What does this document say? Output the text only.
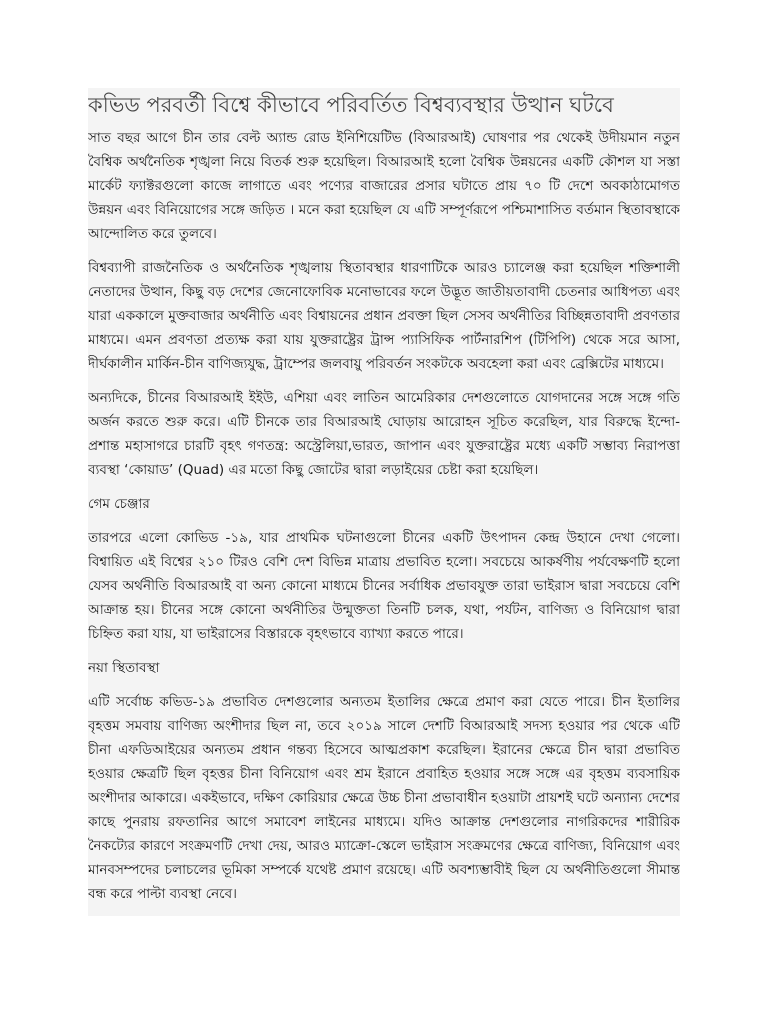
কভিড পরবর্তী বিশ্বে কীভাবে পরিবর্তিত বিশ্বব্যবস্থার উত্থান ঘটবে

সাত বছর আগে চীন তার বেল্ট অ্যান্ড রোড ইনিশিয়েটিভ (বিআরআই) ঘোষণার পর থেকেই উদীয়মান নতুন বৈশ্বিক অর্থনৈতিক শৃঙ্খলা নিয়ে বিতর্ক শুরু হয়েছিল। বিআরআই হলো বৈশ্বিক উন্নয়নের একটি কৌশল যা সস্তা মার্কেট ফ্যাক্টরগুলো কাজে লাগাতে এবং পণ্যের বাজারের প্রসার ঘটাতে প্রায় ৭০ টি দেশে অবকাঠামোগত উন্নয়ন এবং বিনিয়োগের সঙ্গে জড়িত । মনে করা হয়েছিল যে এটি সম্পূর্ণরূপে পশ্চিমাশাসিত বর্তমান স্থিতাবস্থাকে আন্দোলিত করে তুলবে।

বিশ্বব্যাপী রাজনৈতিক ও অর্থনৈতিক শৃঙ্খলায় স্থিতাবস্থার ধারণাটিকে আরও চ্যালেঞ্জ করা হয়েছিল শক্তিশালী নেতাদের উত্থান, কিছু বড় দেশের জেনোফোবিক মনোভাবের ফলে উদ্ভূত জাতীয়তাবাদী চেতনার আধিপত্য এবং যারা এককালে মুক্তবাজার অর্থনীতি এবং বিশ্বায়নের প্রধান প্রবক্তা ছিল সেসব অর্থনীতির বিচ্ছিন্নতাবাদী প্রবণতার মাধ্যমে। এমন প্রবণতা প্রত্যক্ষ করা যায় যুক্তরাষ্ট্রের ট্রান্স প্যাসিফিক পার্টনারশিপ (টিপিপি) থেকে সরে আসা, দীর্ঘকালীন মার্কিন-চীন বাণিজ্যযুদ্ধ, ট্রাম্পের জলবায়ু পরিবর্তন সংকটকে অবহেলা করা এবং ব্রেক্সিটের মাধ্যমে।

অন্যদিকে, চীনের বিআরআই ইইউ, এশিয়া এবং লাতিন আমেরিকার দেশগুলোতে যোগদানের সঙ্গে সঙ্গে গতি অর্জন করতে শুরু করে। এটি চীনকে তার বিআরআই ঘোড়ায় আরোহন সূচিত করেছিল, যার বিরুদ্ধে ইন্দো-প্রশান্ত মহাসাগরে চারটি বৃহৎ গণতন্ত্র: অস্ট্রেলিয়া,ভারত, জাপান এবং যুক্তরাষ্ট্রের মধ্যে একটি সম্ভাব্য নিরাপত্তা ব্যবস্থা ‘কোয়াড’ (Quad) এর মতো কিছু জোটের দ্বারা লড়াইয়ের চেষ্টা করা হয়েছিল।

গেম চেঞ্জার

তারপরে এলো কোভিড -১৯, যার প্রাথমিক ঘটনাগুলো চীনের একটি উৎপাদন কেন্দ্র উহানে দেখা গেলো। বিশ্বায়িত এই বিশ্বের ২১০ টিরও বেশি দেশ বিভিন্ন মাত্রায় প্রভাবিত হলো। সবচেয়ে আকর্ষণীয় পর্যবেক্ষণটি হলো যেসব অর্থনীতি বিআরআই বা অন্য কোনো মাধ্যমে চীনের সর্বাধিক প্রভাবযুক্ত তারা ভাইরাস দ্বারা সবচেয়ে বেশি আক্রান্ত হয়। চীনের সঙ্গে কোনো অর্থনীতির উন্মুক্ততা তিনটি চলক, যথা, পর্যটন, বাণিজ্য ও বিনিয়োগ দ্বারা চিহ্নিত করা যায়, যা ভাইরাসের বিস্তারকে বৃহৎভাবে ব্যাখ্যা করতে পারে।

নয়া স্থিতাবস্থা

এটি সর্বোচ্চ কভিড-১৯ প্রভাবিত দেশগুলোর অন্যতম ইতালির ক্ষেত্রে প্রমাণ করা যেতে পারে। চীন ইতালির বৃহত্তম সমবায় বাণিজ্য অংশীদার ছিল না, তবে ২০১৯ সালে দেশটি বিআরআই সদস্য হওয়ার পর থেকে এটি চীনা এফডিআইয়ের অন্যতম প্রধান গন্তব্য হিসেবে আত্মপ্রকাশ করেছিল। ইরানের ক্ষেত্রে চীন দ্বারা প্রভাবিত হওয়ার ক্ষেত্রটি ছিল বৃহত্তর চীনা বিনিয়োগ এবং শ্রম ইরানে প্রবাহিত হওয়ার সঙ্গে সঙ্গে এর বৃহত্তম ব্যবসায়িক অংশীদার আকারে। একইভাবে, দক্ষিণ কোরিয়ার ক্ষেত্রে উচ্চ চীনা প্রভাবাধীন হওয়াটা প্রায়শই ঘটে অন্যান্য দেশের কাছে পুনরায় রফতানির আগে সমাবেশ লাইনের মাধ্যমে। যদিও আক্রান্ত দেশগুলোর নাগরিকদের শারীরিক নৈকট্যের কারণে সংক্রমণটি দেখা দেয়, আরও ম্যাক্রো-স্কেলে ভাইরাস সংক্রমণের ক্ষেত্রে বাণিজ্য, বিনিয়োগ এবং মানবসম্পদের চলাচলের ভূমিকা সম্পর্কে যথেষ্ট প্রমাণ রয়েছে। এটি অবশ্যম্ভাবীই ছিল যে অর্থনীতিগুলো সীমান্ত বন্ধ করে পাল্টা ব্যবস্থা নেবে।
